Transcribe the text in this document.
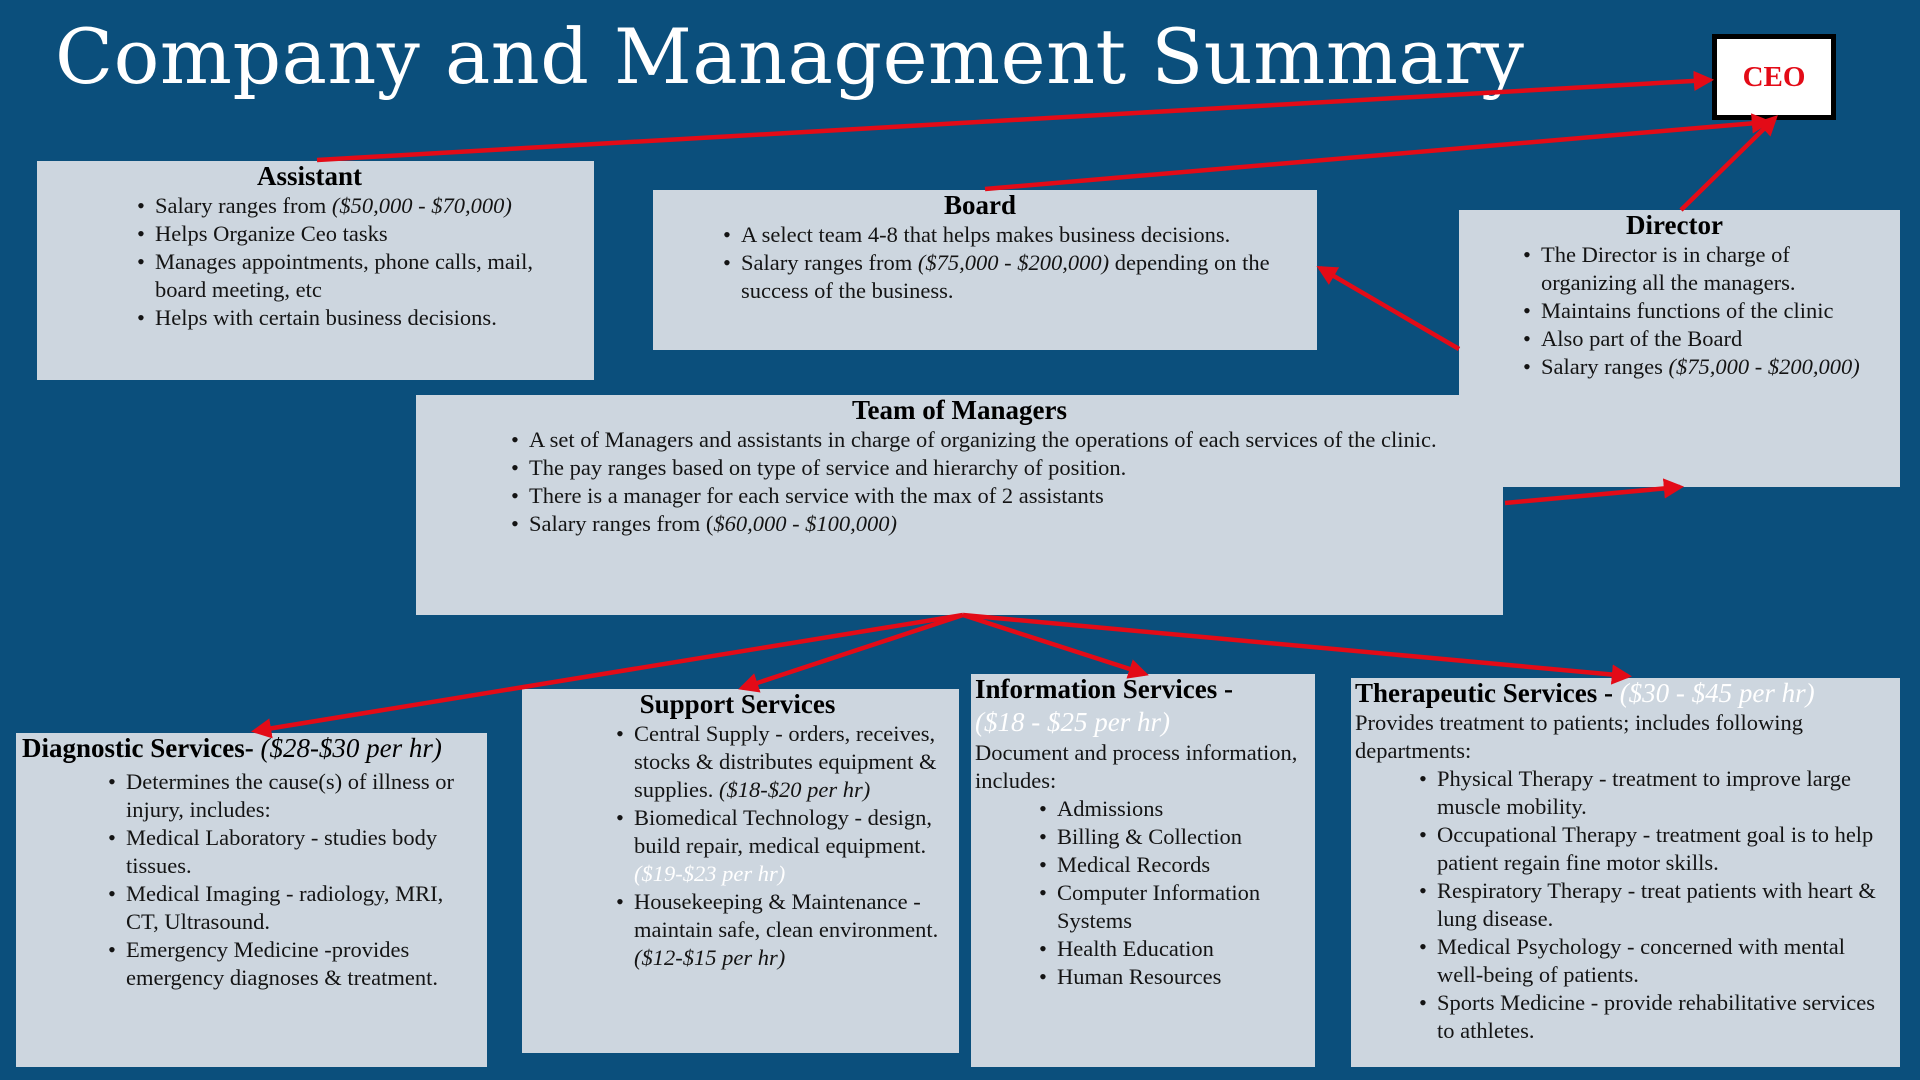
Company and Management Summary	CEO
Assistant
• Salary ranges from ($50,000 - $70,000)
• Helps Organize Ceo tasks
• Manages appointments, phone calls, mail, board meeting, etc
• Helps with certain business decisions.
Board
• A select team 4-8 that helps makes business decisions.
• Salary ranges from ($75,000 - $200,000) depending on the success of the business.
Director
• The Director is in charge of organizing all the managers.
• Maintains functions of the clinic
• Also part of the Board
• Salary ranges ($75,000 - $200,000)
Team of Managers
• A set of Managers and assistants in charge of organizing the operations of each services of the clinic.
• The pay ranges based on type of service and hierarchy of position.
• There is a manager for each service with the max of 2 assistants
• Salary ranges from ($60,000 - $100,000)
Diagnostic Services- ($28-$30 per hr)
• Determines the cause(s) of illness or injury, includes:
• Medical Laboratory - studies body tissues.
• Medical Imaging - radiology, MRI, CT, Ultrasound.
• Emergency Medicine -provides emergency diagnoses & treatment.
Support Services
• Central Supply - orders, receives, stocks & distributes equipment & supplies. ($18-$20 per hr)
• Biomedical Technology - design, build repair, medical equipment. ($19-$23 per hr)
• Housekeeping & Maintenance - maintain safe, clean environment. ($12-$15 per hr)
Information Services -

($18 - $25 per hr)

Document and process information, includes:

• Admissions
• Billing & Collection
• Medical Records
• Computer Information Systems
• Health Education
• Human Resources
Therapeutic Services - ($30 - $45 per hr)

Provides treatment to patients; includes following departments:

• Physical Therapy - treatment to improve large muscle mobility.
• Occupational Therapy - treatment goal is to help patient regain fine motor skills.
• Respiratory Therapy - treat patients with heart & lung disease.
• Medical Psychology - concerned with mental well-being of patients.
• Sports Medicine - provide rehabilitative services to athletes.
